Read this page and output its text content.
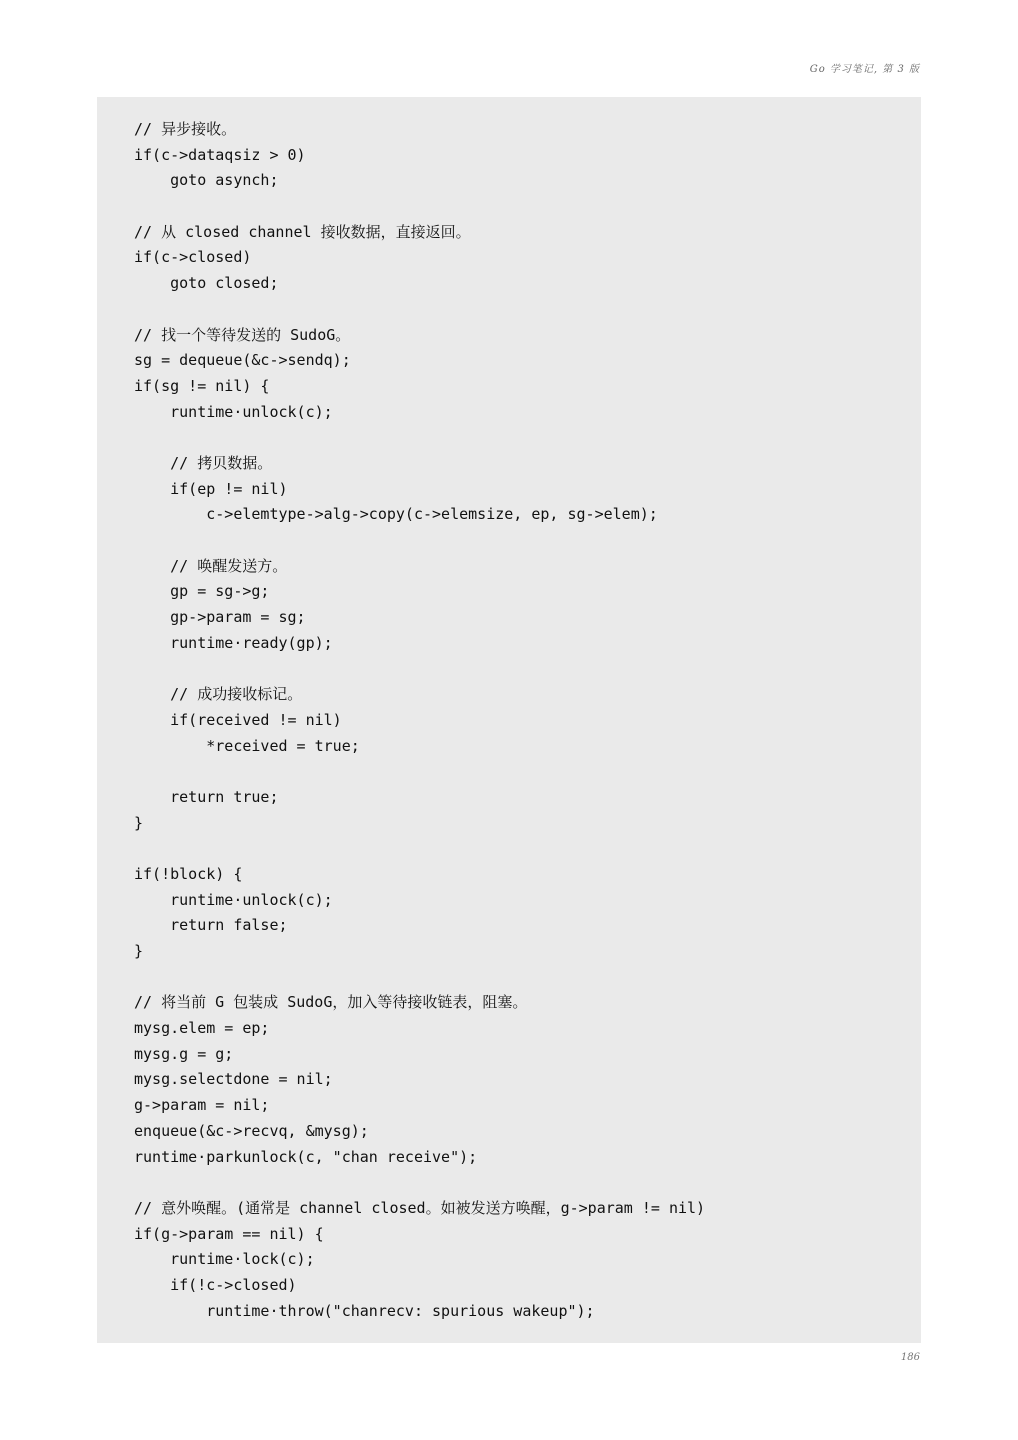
Go 学习笔记, 第 3 版
// 异步接收。
if(c->dataqsiz > 0)
goto asynch;
// 从 closed channel 接收数据，直接返回。
if(c->closed)
goto closed;
// 找一个等待发送的 SudoG。
sg = dequeue(&c->sendq);
if(sg != nil) {
runtime·unlock(c);
// 拷贝数据。
if(ep != nil)
c->elemtype->alg->copy(c->elemsize, ep, sg->elem);
// 唤醒发送方。
gp = sg->g;
gp->param = sg;
runtime·ready(gp);
// 成功接收标记。
if(received != nil)
*received = true;
return true;
}
if(!block) {
runtime·unlock(c);
return false;
}
// 将当前 G 包装成 SudoG，加入等待接收链表，阻塞。
mysg.elem = ep;
mysg.g = g;
mysg.selectdone = nil;
g->param = nil;
enqueue(&c->recvq, &mysg);
runtime·parkunlock(c, "chan receive");
// 意外唤醒。(通常是 channel closed。如被发送方唤醒，g->param != nil)
if(g->param == nil) {
runtime·lock(c);
if(!c->closed)
runtime·throw("chanrecv: spurious wakeup");
186
